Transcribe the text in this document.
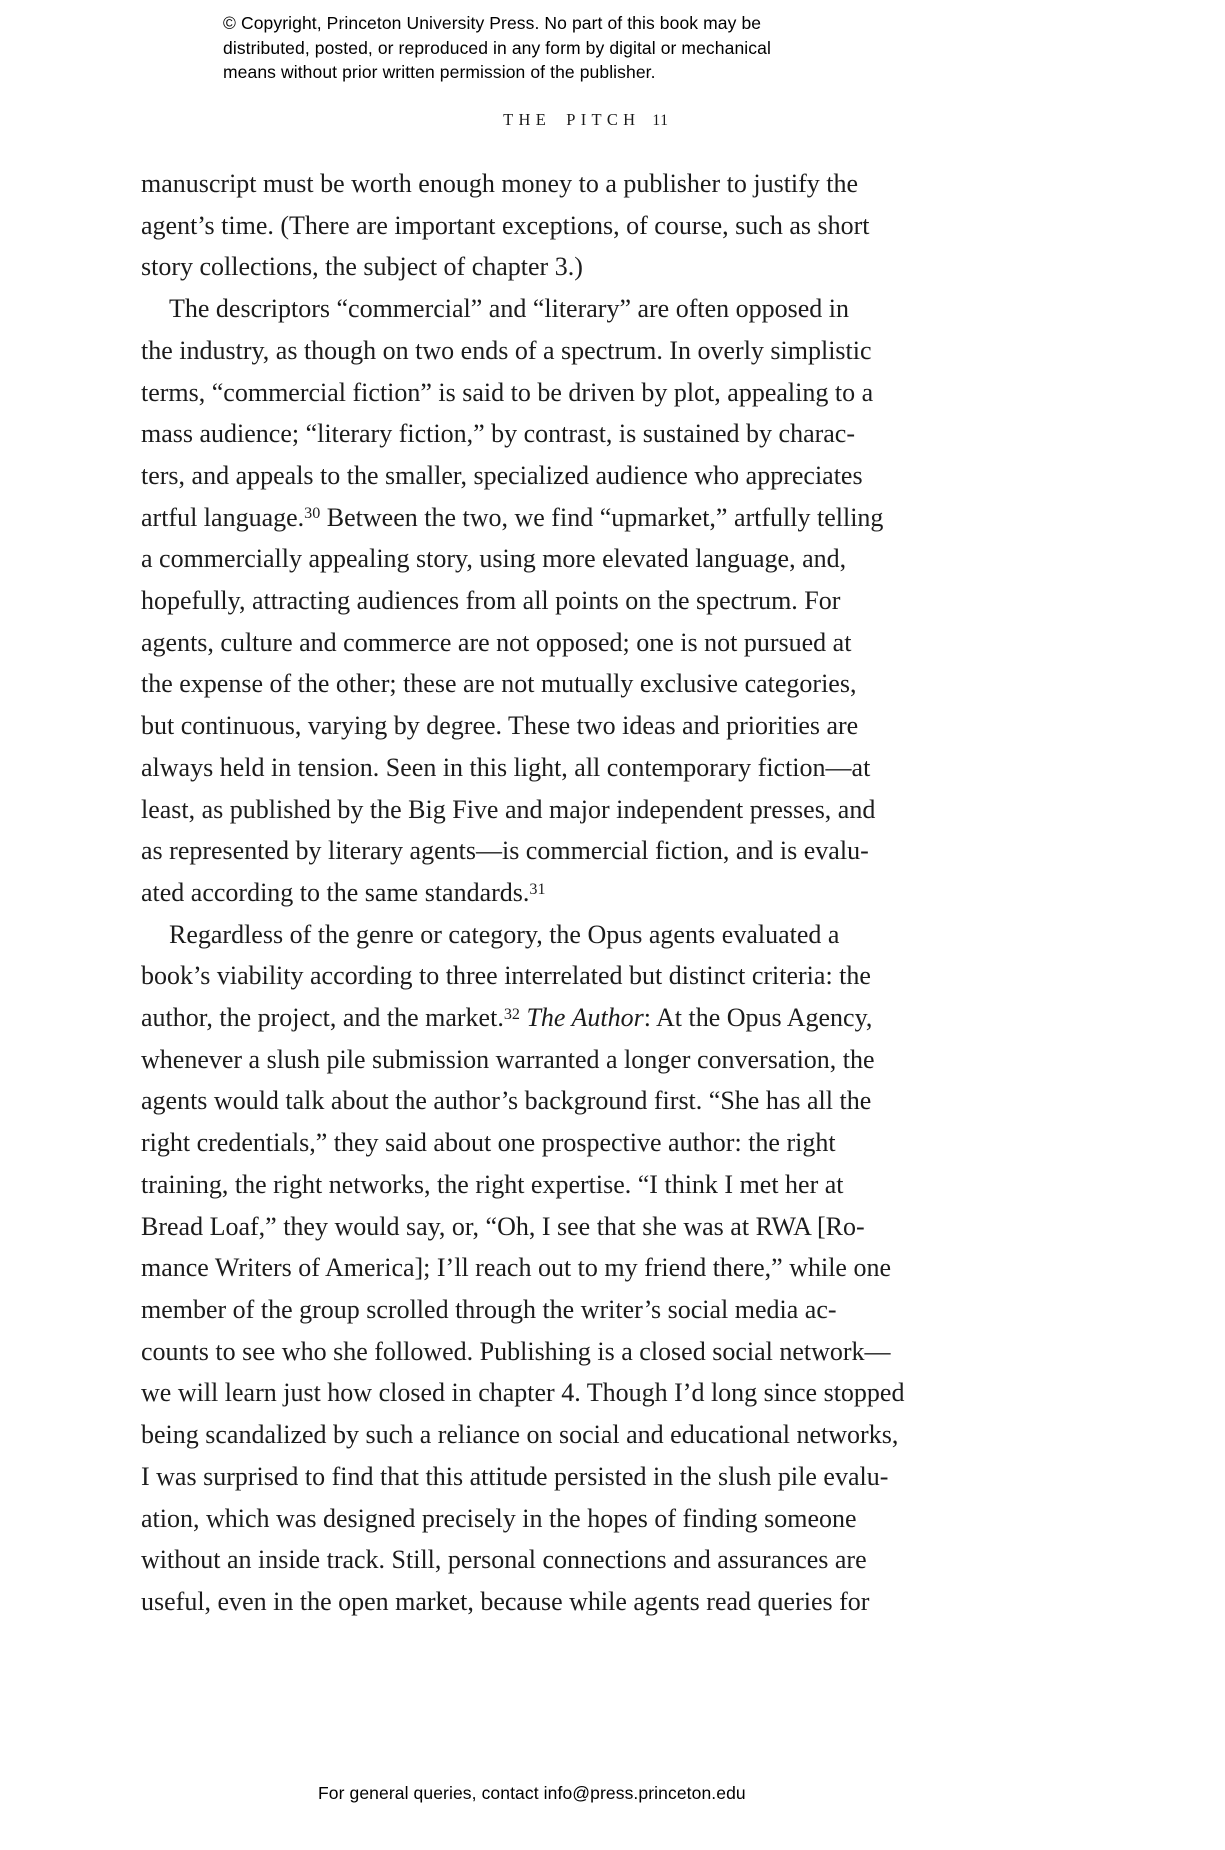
© Copyright, Princeton University Press. No part of this book may be
distributed, posted, or reproduced in any form by digital or mechanical
means without prior written permission of the publisher.
THE PITCH 11
manuscript must be worth enough money to a publisher to justify the
agent’s time. (There are important exceptions, of course, such as short
story collections, the subject of chapter 3.)
The descriptors “commercial” and “literary” are often opposed in
the industry, as though on two ends of a spectrum. In overly simplistic
terms, “commercial fiction” is said to be driven by plot, appealing to a
mass audience; “literary fiction,” by contrast, is sustained by charac-
ters, and appeals to the smaller, specialized audience who appreciates
artful language.$^{30}$ Between the two, we find “upmarket,” artfully telling
a commercially appealing story, using more elevated language, and,
hopefully, attracting audiences from all points on the spectrum. For
agents, culture and commerce are not opposed; one is not pursued at
the expense of the other; these are not mutually exclusive categories,
but continuous, varying by degree. These two ideas and priorities are
always held in tension. Seen in this light, all contemporary fiction—at
least, as published by the Big Five and major independent presses, and
as represented by literary agents—is commercial fiction, and is evalu-
ated according to the same standards.$^{31}$
Regardless of the genre or category, the Opus agents evaluated a
book’s viability according to three interrelated but distinct criteria: the
author, the project, and the market.$^{32}$ The Author: At the Opus Agency,
whenever a slush pile submission warranted a longer conversation, the
agents would talk about the author’s background first. “She has all the
right credentials,” they said about one prospective author: the right
training, the right networks, the right expertise. “I think I met her at
Bread Loaf,” they would say, or, “Oh, I see that she was at RWA [Ro-
mance Writers of America]; I’ll reach out to my friend there,” while one
member of the group scrolled through the writer’s social media ac-
counts to see who she followed. Publishing is a closed social network—
we will learn just how closed in chapter 4. Though I’d long since stopped
being scandalized by such a reliance on social and educational networks,
I was surprised to find that this attitude persisted in the slush pile evalu-
ation, which was designed precisely in the hopes of finding someone
without an inside track. Still, personal connections and assurances are
useful, even in the open market, because while agents read queries for
For general queries, contact info@press.princeton.edu
